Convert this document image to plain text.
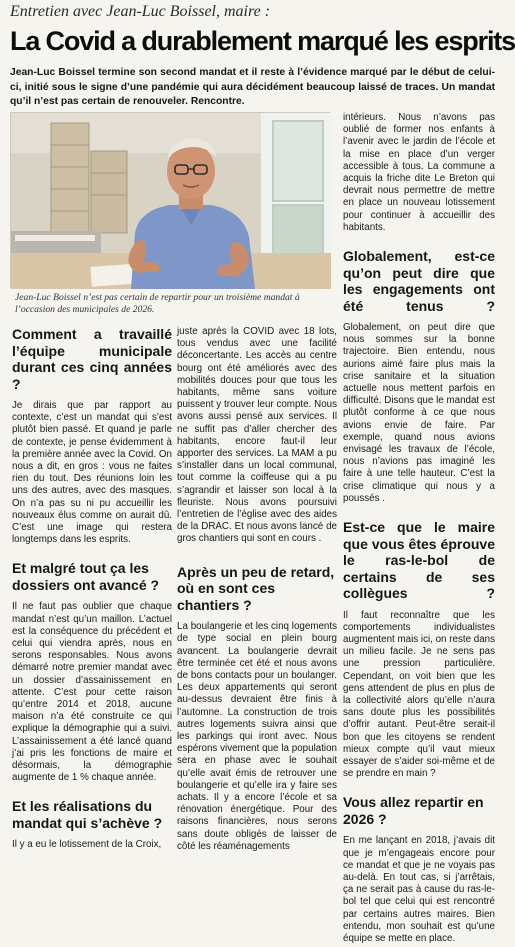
Entretien avec Jean-Luc Boissel, maire :
La Covid a durablement marqué les esprits

Jean-Luc Boissel termine son second mandat et il reste à l’évidence marqué par le début de celui-ci, initié sous le signe d’une pandémie qui aura décidément beaucoup laissé de traces. Un mandat qu’il n’est pas certain de renouveler. Rencontre.

Jean-Luc Boissel n’est pas certain de repartir pour un troisième mandat à l’occasion des municipales de 2026.

Comment a travaillé l’équipe municipale durant ces cinq années ?

Je dirais que par rapport au contexte, c’est un mandat qui s’est plutôt bien passé. Et quand je parle de contexte, je pense évidemment à la première année avec la Covid. On nous a dit, en gros : vous ne faites rien du tout. Des réunions loin les uns des autres, avec des masques. On n’a pas su ni pu accueillir les nouveaux élus comme on aurait dû. C’est une image qui restera longtemps dans les esprits.

Et malgré tout ça les dossiers ont avancé ?

Il ne faut pas oublier que chaque mandat n’est qu’un maillon. L’actuel est la conséquence du précédent et celui qui viendra après, nous en serons responsables. Nous avons démarré notre premier mandat avec un dossier d’assainissement en attente. C’est pour cette raison qu’entre 2014 et 2018, aucune maison n’a été construite ce qui explique la démographie qui a suivi. L’assainissement a été lancé quand j’ai pris les fonctions de maire et désormais, la démographie augmente de 1 % chaque année.

Et les réalisations du mandat qui s’achève ?

Il y a eu le lotissement de la Croix,

juste après la COVID avec 18 lots, tous vendus avec une facilité déconcertante. Les accès au centre bourg ont été améliorés avec des mobilités douces pour que tous les habitants, même sans voiture puissent y trouver leur compte. Nous avons aussi pensé aux services. Il ne suffit pas d’aller chercher des habitants, encore faut-il leur apporter des services. La MAM a pu s’installer dans un local communal, tout comme la coiffeuse qui a pu s’agrandir et laisser son local à la fleuriste. Nous avons poursuivi l’entretien de l’église avec des aides de la DRAC. Et nous avons lancé de gros chantiers qui sont en cours .

Après un peu de retard, où en sont ces chantiers ?

La boulangerie et les cinq logements de type social en plein bourg avancent. La boulangerie devrait être terminée cet été et nous avons de bons contacts pour un boulanger. Les deux appartements qui seront au-dessus devraient être finis à l’automne. La construction de trois autres logements suivra ainsi que les parkings qui iront avec. Nous espérons vivement que la population sera en phase avec le souhait qu’elle avait émis de retrouver une boulangerie et qu’elle ira y faire ses achats. Il y a encore l’école et sa rénovation énergétique. Pour des raisons financières, nous serons sans doute obligés de laisser de côté les réaménagements

intérieurs. Nous n’avons pas oublié de former nos enfants à l’avenir avec le jardin de l’école et la mise en place d’un verger accessible à tous. La commune a acquis la friche dite Le Breton qui devrait nous permettre de mettre en place un nouveau lotissement pour continuer à accueillir des habitants.

Globalement, est-ce qu’on peut dire que les engagements ont été tenus ?

Globalement, on peut dire que nous sommes sur la bonne trajectoire. Bien entendu, nous aurions aimé faire plus mais la crise sanitaire et la situation actuelle nous mettent parfois en difficulté. Disons que le mandat est plutôt conforme à ce que nous avions envie de faire. Par exemple, quand nous avions envisagé les travaux de l’école, nous n’avions pas imaginé les faire à une telle hauteur. C’est la crise climatique qui nous y a poussés .

Est-ce que le maire que vous êtes éprouve le ras-le-bol de certains de ses collègues ?

Il faut reconnaître que les comportements individualistes augmentent mais ici, on reste dans un milieu facile. Je ne sens pas une pression particulière. Cependant, on voit bien que les gens attendent de plus en plus de la collectivité alors qu’elle n’aura sans doute plus les possibilités d’offrir autant. Peut-être serait-il bon que les citoyens se rendent mieux compte qu’il vaut mieux essayer de s’aider soi-même et de se prendre en main ?

Vous allez repartir en 2026 ?

En me lançant en 2018, j’avais dit que je m’engageais encore pour ce mandat et que je ne voyais pas au-delà. En tout cas, si j’arrêtais, ça ne serait pas à cause du ras-le-bol tel que celui qui est rencontré par certains autres maires. Bien entendu, mon souhait est qu’une équipe se mette en place.
